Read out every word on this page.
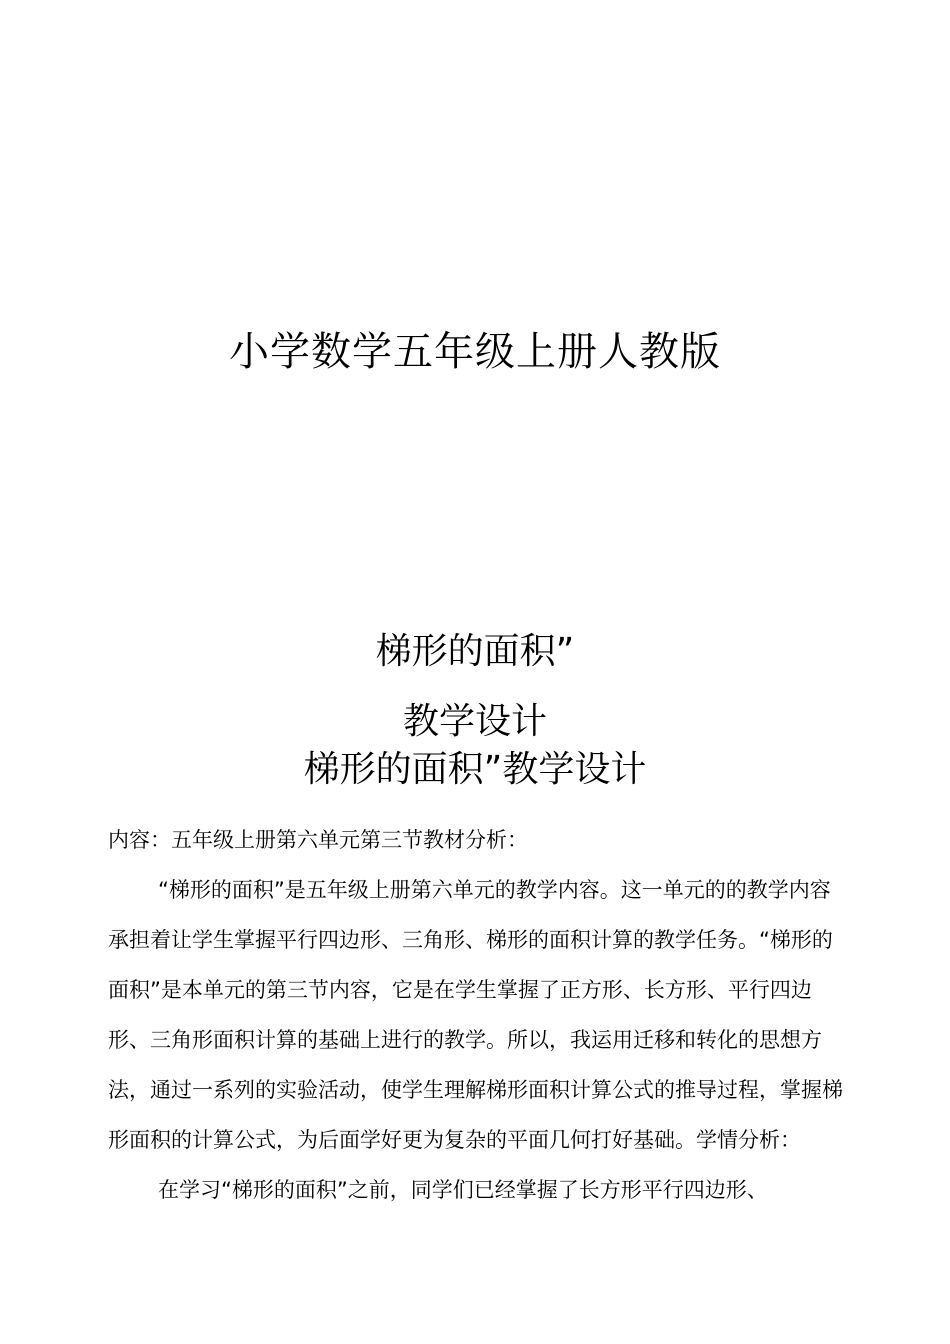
小学数学五年级上册人教版
梯形的面积”
教学设计
梯形的面积”教学设计

内容：五年级上册第六单元第三节教材分析：

“梯形的面积”是五年级上册第六单元的教学内容。这一单元的的教学内容承担着让学生掌握平行四边形、三角形、梯形的面积计算的教学任务。“梯形的面积”是本单元的第三节内容，它是在学生掌握了正方形、长方形、平行四边形、三角形面积计算的基础上进行的教学。所以，我运用迁移和转化的思想方法，通过一系列的实验活动，使学生理解梯形面积计算公式的推导过程，掌握梯形面积的计算公式，为后面学好更为复杂的平面几何打好基础。学情分析：

在学习“梯形的面积”之前，同学们已经掌握了长方形平行四边形、
